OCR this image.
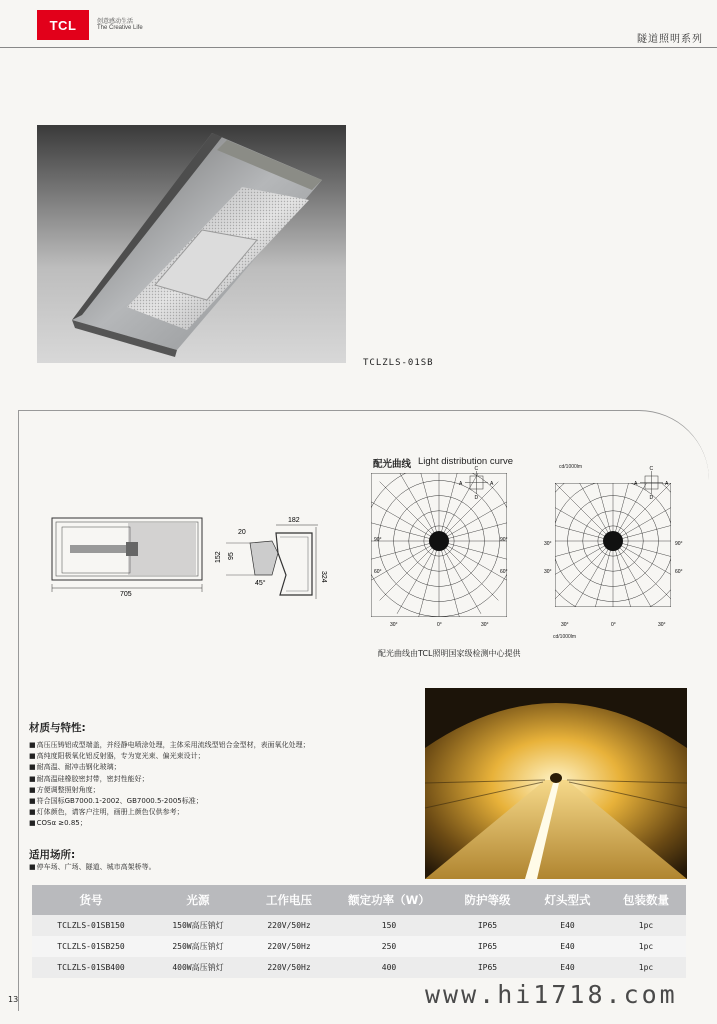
TCL	创意感动生活
The Creative Life
隧道照明系列
TCLZLS-01SB
705
20
182
152 95
324
45°
配光曲线 Light distribution curve	cd/1000lm
cd/1000lm
C
A	A
D
90°	90°
60°	60°
30°	0°	30°
C
A	A
D
30°	90°
30°	60°
30°	0°	30°
配光曲线由TCL照明国家级检测中心提供
材质与特性:
■ 高压压铸铝成型端盖，并经静电喷涂处理，主体采用流线型铝合金型材，表面氧化处理；
■ 高纯度阳极氧化铝反射器，专为宽光束、偏光束设计；
■ 耐高温、耐冲击钢化玻璃；
■ 耐高温硅橡胶密封带，密封性能好；
■ 方便调整照射角度；
■ 符合国标GB7000.1-2002、GB7000.5-2005标准；
■ 灯体颜色，请客户注明，画册上颜色仅供参考；
■ COSα ≥0.85；
适用场所:
■ 停车场、广场、隧道、城市高架桥等。
货号	光源	工作电压	额定功率（W）	防护等级	灯头型式	包装数量
TCLZLS-01SB150	150W高压钠灯	220V/50Hz	150	IP65	E40	1pc
TCLZLS-01SB250	250W高压钠灯	220V/50Hz	250	IP65	E40	1pc
TCLZLS-01SB400	400W高压钠灯	220V/50Hz	400	IP65	E40	1pc
13	www.hi1718.com
